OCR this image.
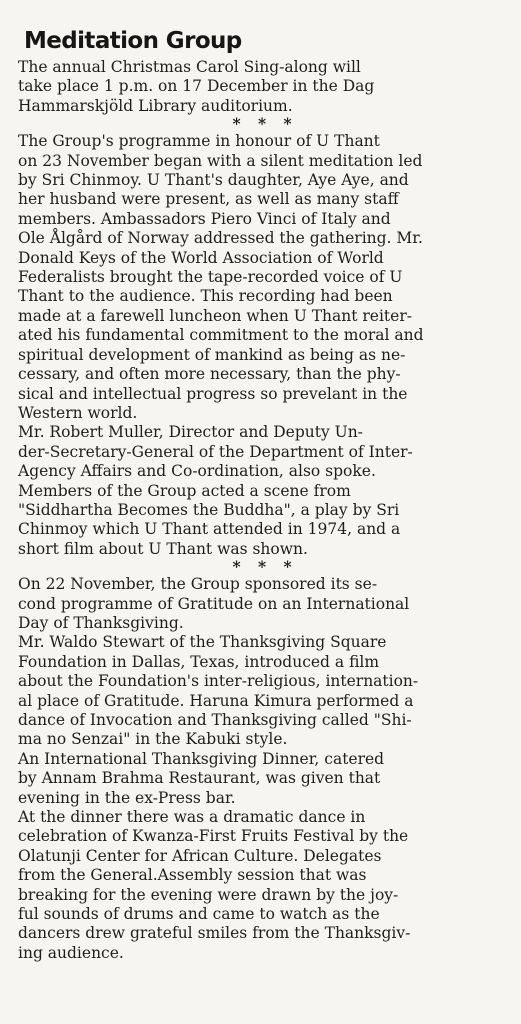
Meditation Group

The annual Christmas Carol Sing-along will
take place 1 p.m. on 17 December in the Dag
Hammarskjöld Library auditorium.

* * *

The Group's programme in honour of U Thant
on 23 November began with a silent meditation led
by Sri Chinmoy. U Thant's daughter, Aye Aye, and
her husband were present, as well as many staff
members. Ambassadors Piero Vinci of Italy and
Ole Ålgård of Norway addressed the gathering. Mr.
Donald Keys of the World Association of World
Federalists brought the tape-recorded voice of U
Thant to the audience. This recording had been
made at a farewell luncheon when U Thant reiter-
ated his fundamental commitment to the moral and
spiritual development of mankind as being as ne-
cessary, and often more necessary, than the phy-
sical and intellectual progress so prevelant in the
Western world.

Mr. Robert Muller, Director and Deputy Un-
der-Secretary-General of the Department of Inter-
Agency Affairs and Co-ordination, also spoke.

Members of the Group acted a scene from
"Siddhartha Becomes the Buddha", a play by Sri
Chinmoy which U Thant attended in 1974, and a
short film about U Thant was shown.

* * *

On 22 November, the Group sponsored its se-
cond programme of Gratitude on an International
Day of Thanksgiving.

Mr. Waldo Stewart of the Thanksgiving Square
Foundation in Dallas, Texas, introduced a film
about the Foundation's inter-religious, internation-
al place of Gratitude. Haruna Kimura performed a
dance of Invocation and Thanksgiving called "Shi-
ma no Senzai" in the Kabuki style.

An International Thanksgiving Dinner, catered
by Annam Brahma Restaurant, was given that
evening in the ex-Press bar.

At the dinner there was a dramatic dance in
celebration of Kwanza-First Fruits Festival by the
Olatunji Center for African Culture. Delegates
from the General.Assembly session that was
breaking for the evening were drawn by the joy-
ful sounds of drums and came to watch as the
dancers drew grateful smiles from the Thanksgiv-
ing audience.
